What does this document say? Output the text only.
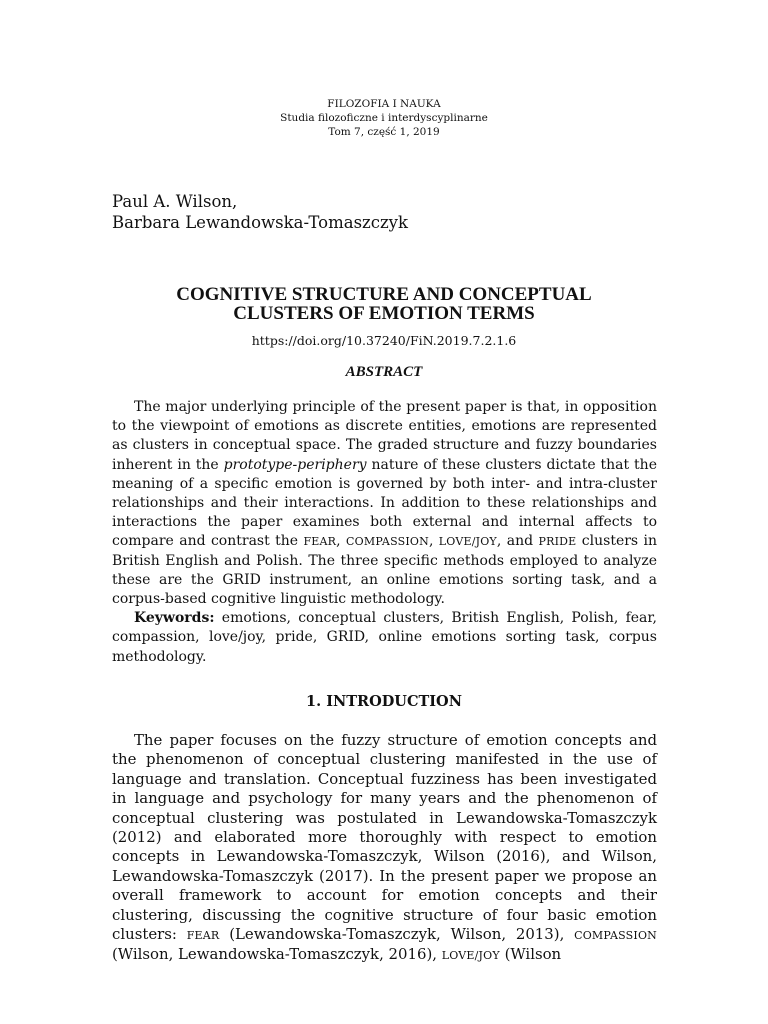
FILOZOFIA I NAUKA
Studia filozoficzne i interdyscyplinarne
Tom 7, część 1, 2019
Paul A. Wilson,
Barbara Lewandowska-Tomaszczyk
COGNITIVE STRUCTURE AND CONCEPTUAL
CLUSTERS OF EMOTION TERMS
https://doi.org/10.37240/FiN.2019.7.2.1.6
ABSTRACT

The major underlying principle of the present paper is that, in opposition to the viewpoint of emotions as discrete entities, emotions are represented as clusters in conceptual space. The graded structure and fuzzy boundaries inherent in the prototype-periphery nature of these clusters dictate that the meaning of a specific emotion is governed by both inter- and intra-cluster relationships and their interactions. In addition to these relationships and interactions the paper examines both external and internal affects to compare and contrast the FEAR, COMPASSION, LOVE/JOY, and PRIDE clusters in British English and Polish. The three specific methods employed to analyze these are the GRID instrument, an online emotions sorting task, and a corpus-based cognitive linguistic methodology.

Keywords: emotions, conceptual clusters, British English, Polish, fear, compassion, love/joy, pride, GRID, online emotions sorting task, corpus methodology.

1. INTRODUCTION

The paper focuses on the fuzzy structure of emotion concepts and the phenomenon of conceptual clustering manifested in the use of language and translation. Conceptual fuzziness has been investigated in language and psychology for many years and the phenomenon of conceptual clustering was postulated in Lewandowska-Tomaszczyk (2012) and elaborated more thoroughly with respect to emotion concepts in Lewandowska-Tomaszczyk, Wilson (2016), and Wilson, Lewandowska-Tomaszczyk (2017). In the present paper we propose an overall framework to account for emotion concepts and their clustering, discussing the cognitive structure of four basic emotion clusters: FEAR (Lewandowska-Tomaszczyk, Wilson, 2013), COMPASSION (Wilson, Lewandowska-Tomaszczyk, 2016), LOVE/JOY (Wilson
